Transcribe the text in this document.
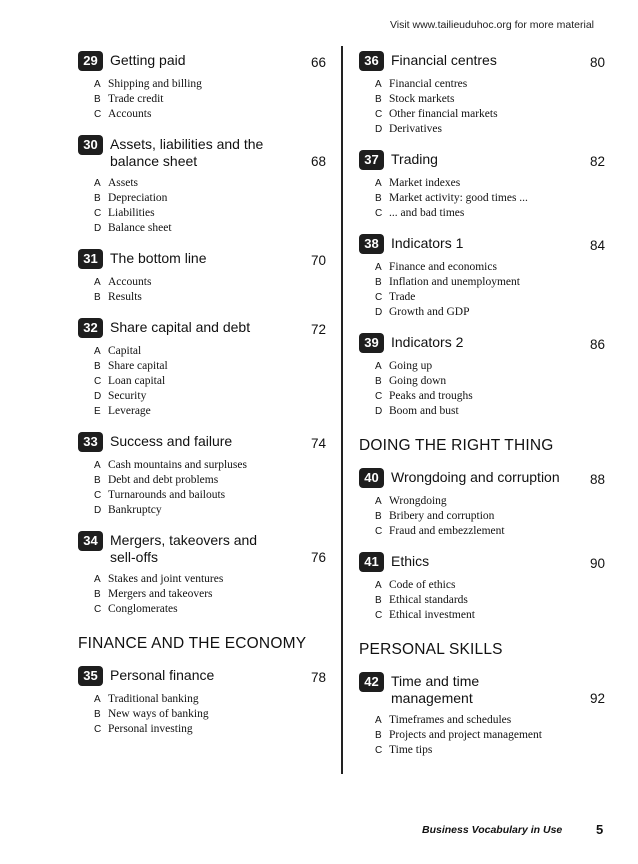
Visit www.tailieuduhoc.org for more material
29 Getting paid	66
A Shipping and billing
B Trade credit
C Accounts
30 Assets, liabilities and the balance sheet	68
A Assets
B Depreciation
C Liabilities
D Balance sheet
31 The bottom line	70
A Accounts
B Results
32 Share capital and debt	72
A Capital
B Share capital
C Loan capital
D Security
E Leverage
33 Success and failure	74
A Cash mountains and surpluses
B Debt and debt problems
C Turnarounds and bailouts
D Bankruptcy
34 Mergers, takeovers and sell-offs	76
A Stakes and joint ventures
B Mergers and takeovers
C Conglomerates
FINANCE AND THE ECONOMY
35 Personal finance	78
A Traditional banking
B New ways of banking
C Personal investing
36 Financial centres	80
A Financial centres
B Stock markets
C Other financial markets
D Derivatives
37 Trading	82
A Market indexes
B Market activity: good times ...
C ... and bad times
38 Indicators 1	84
A Finance and economics
B Inflation and unemployment
C Trade
D Growth and GDP
39 Indicators 2	86
A Going up
B Going down
C Peaks and troughs
D Boom and bust
DOING THE RIGHT THING
40 Wrongdoing and corruption 88
A Wrongdoing
B Bribery and corruption
C Fraud and embezzlement
41 Ethics	90
A Code of ethics
B Ethical standards
C Ethical investment
PERSONAL SKILLS
42 Time and time management	92
A Timeframes and schedules
B Projects and project management
C Time tips
Business Vocabulary in Use	5
